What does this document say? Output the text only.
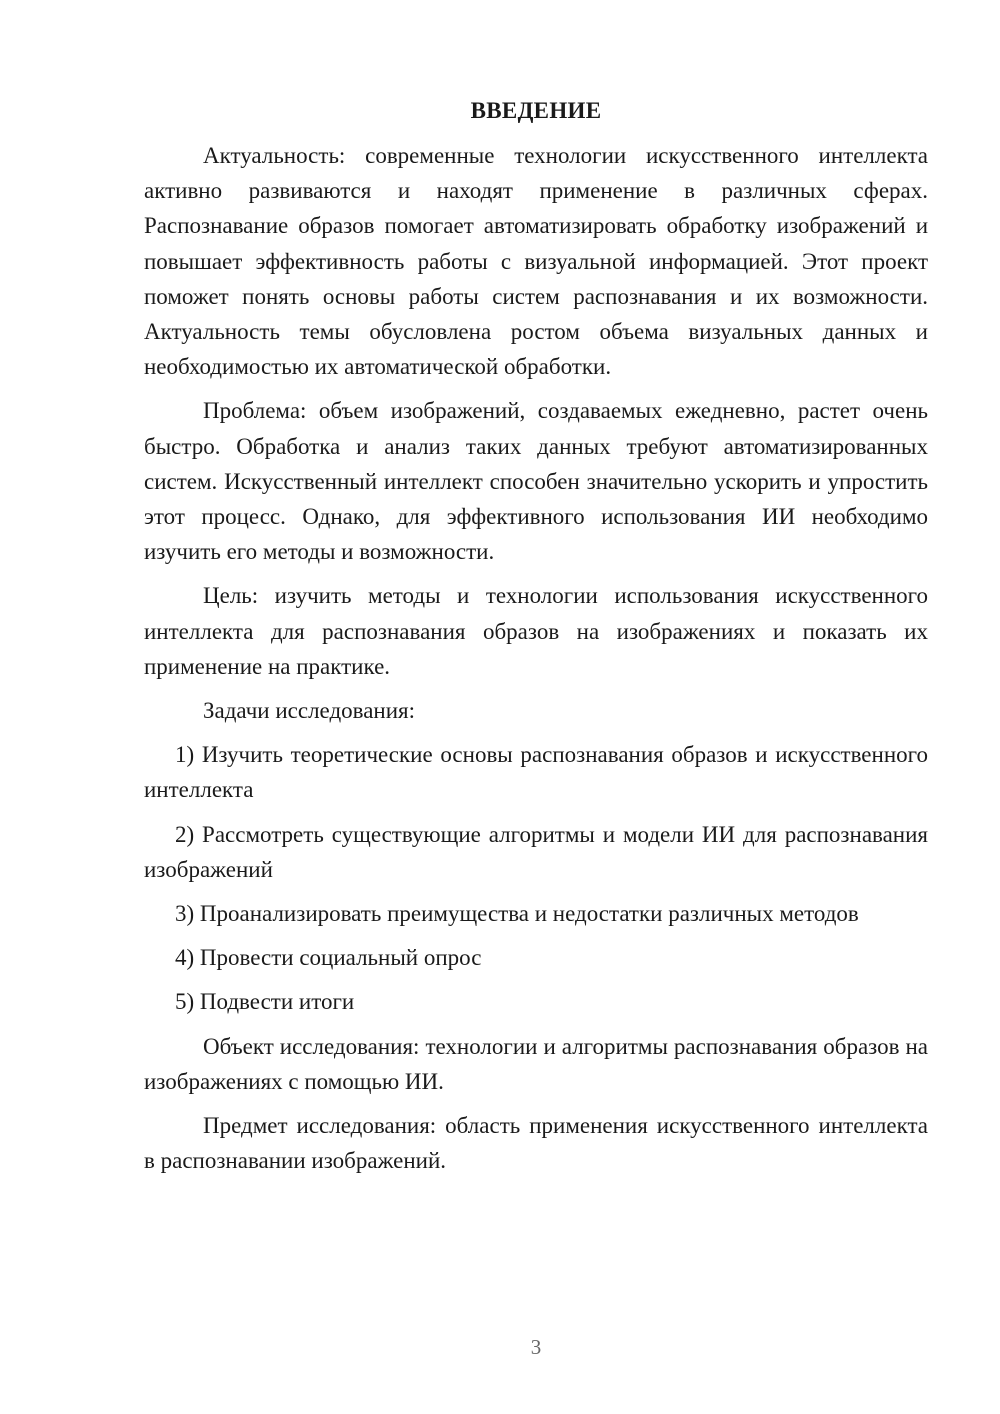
ВВЕДЕНИЕ

Актуальность: современные технологии искусственного интеллекта активно развиваются и находят применение в различных сферах. Распознавание образов помогает автоматизировать обработку изображений и повышает эффективность работы с визуальной информацией. Этот проект поможет понять основы работы систем распознавания и их возможности. Актуальность темы обусловлена ростом объема визуальных данных и необходимостью их автоматической обработки.

Проблема: объем изображений, создаваемых ежедневно, растет очень быстро. Обработка и анализ таких данных требуют автоматизированных систем. Искусственный интеллект способен значительно ускорить и упростить этот процесс. Однако, для эффективного использования ИИ необходимо изучить его методы и возможности.

Цель: изучить методы и технологии использования искусственного интеллекта для распознавания образов на изображениях и показать их применение на практике.

Задачи исследования:

1) Изучить теоретические основы распознавания образов и искусственного интеллекта

2) Рассмотреть существующие алгоритмы и модели ИИ для распознавания изображений

3) Проанализировать преимущества и недостатки различных методов

4) Провести социальный опрос

5) Подвести итоги

Объект исследования: технологии и алгоритмы распознавания образов на изображениях с помощью ИИ.

Предмет исследования: область применения искусственного интеллекта в распознавании изображений.

3
